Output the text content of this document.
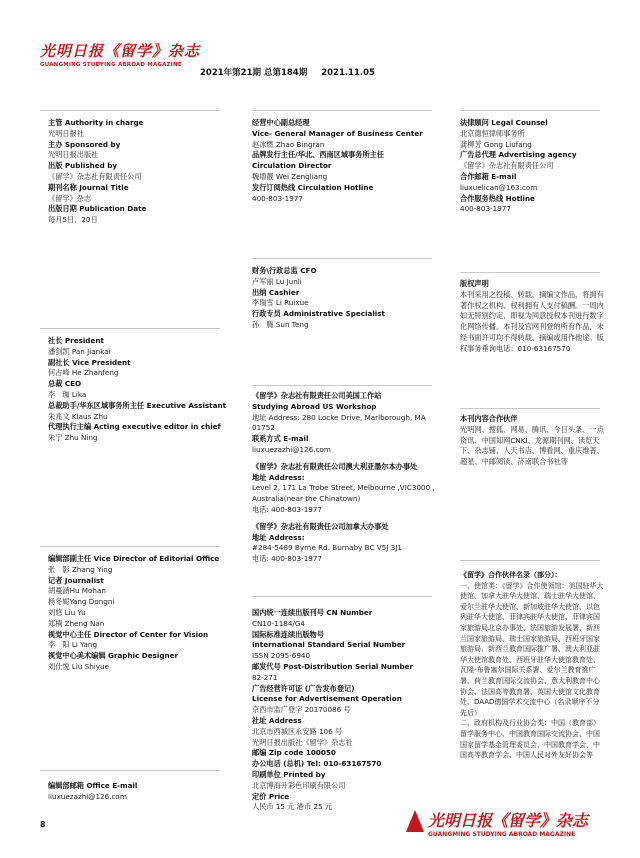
光明日报《留学》杂志
GUANGMING STUDYING ABROAD MAGAZINE
2021年第21期 总第184期 2021.11.05
主管 Authority in charge
光明日报社
主办 Sponsored by
光明日报出版社
出版 Published by
《留学》杂志社有限责任公司
期刊名称 Journal Title
《留学》杂志
出版日期 Publication Date
每月5日、20日
社长 President
潘剑凯 Pan Jiankai
副社长 Vice President
何占峰 He Zhanfeng
总裁 CEO
李　珈 Lika
总裁助手/华东区域事务所主任 Executive Assistant
朱兆文 Klaus Zhu
代理执行主编 Acting executive editor in chief
朱宁 Zhu Ning
编辑部副主任 Vice Director of Editorial Office
张　影 Zhang Ying
记者 Journalist
胡蔓涵Hu Mohan
杨冬妮Yang Dongni
刘悠 Liu Yu
郑楠 Zheng Nan
视觉中心主任 Director of Center for Vision
李　阳 Li Yang
视觉中心美术编辑 Graphic Designer
刘仕悦 Liu Shiyue
编辑部邮箱 Office E-mail
liuxuezazhi@126.com
经营中心副总经理
Vice- General Manager of Business Center
赵冰燃 Zhao Bingran
品牌发行主任/华北、西南区域事务所主任
Circulation Director
魏增靓 Wei Zengliang
发行订阅热线 Circulation Hotline
400-803-1977
财务\行政总监 CFO
卢军丽 Lu Junli
出纳 Cashier
李瑞雪 Li Ruixue
行政专员 Administrative Specialist
孙　腾 Sun Teng
《留学》杂志社有限责任公司美国工作站
Studying Abroad US Workshop
地址 Address: 280 Locke Drive, Marlborough, MA
01752
联系方式 E-mail
liuxuezazhi@126.com
《留学》杂志社有限责任公司澳大利亚墨尔本办事处
地址 Address:
Level 2, 171 La Trobe Street, Melbourne ,VIC3000 ,
Australia(near the Chinatown)
电话: 400-803-1977
《留学》杂志社有限责任公司加拿大办事处
地址 Address:
#284-5489 Byrne Rd. Burnaby BC V5J 3J1
电话: 400-803-1977
国内统一连续出版刊号 CN Number
CN10-1184/G4
国际标准连续出版物号
International Standard Serial Number
ISSN 2095-6940
邮发代号 Post-Distribution Serial Number
82-271
广告经营许可证 (广告发布登记)
License for Advertisement Operation
京西市监广登字 20170086 号
社址 Address
北京市西城区永安路 106 号
光明日报出版社《留学》杂志社
邮编 Zip code 100050
办公电话 (总机) Tel: 010-63167570
印刷单位 Printed by
北京博海升彩色印刷有限公司
定价 Price
人民币 15 元 港币 25 元
法律顾问 Legal Counsel
北京德恒律师事务所
龚柳芳 Gong Liufang
广告总代理 Advertising agency
《留学》杂志社有限责任公司
合作邮箱 E-mail
liuxuelican@163.com
合作服务热线 Hotline
400-803-1977
版权声明
本刊采用之投稿、转载、摘编文作品，将拥有著作权之机构、权利拥有人支付稿酬。一周内如无特别约定，即视为同意授权本刊进行数字化网络传播。本刊及官网刊登的所有作品，未经书面许可均不得转载、摘编或用作他途。版权事务垂询电话：010-63167570
本刊内容合作伙伴
光明网、搜狐、网易、腾讯、今日头条、一点资讯、中国知网CNKI、龙源期刊网、读览天下、杂志铺、人天书店、博看网、重庆维普、超星、中邮阅读、济南联合书社等
《留学》合作伙伴名录（部分）：
一、使馆类：《留学》合作使领馆：美国驻华大使馆、加拿大驻华大使馆、瑞士驻华大使馆、爱尔兰驻华大使馆、新加坡驻华大使馆、以色列驻华大使馆、菲律宾驻华大使馆、菲律宾国家旅游局北京办事处、法国旅游发展署、新西兰国家旅游局、瑞士国家旅游局、西班牙国家旅游局、新西兰教育国际推广署、澳大利亚驻华大使馆教育处、西班牙驻华大使馆教育处、瓦隆-布鲁塞尔国际关系署、爱尔兰教育推广署、荷兰教育国际交流协会、意大利教育中心协会、法国高等教育署、英国大使馆文化教育处、DAAD德国学术交流中心（名录顺序不分先后）
二、政府机构及行业协会类：中国（教育部）留学服务中心、中国教育国际交流协会、中国国家留学基金管理委员会、中国教育学会、中国高等教育学会、中国人民对外友好协会等
8	光明日报《留学》杂志
GUANGMING STUDYING ABROAD MAGAZINE
